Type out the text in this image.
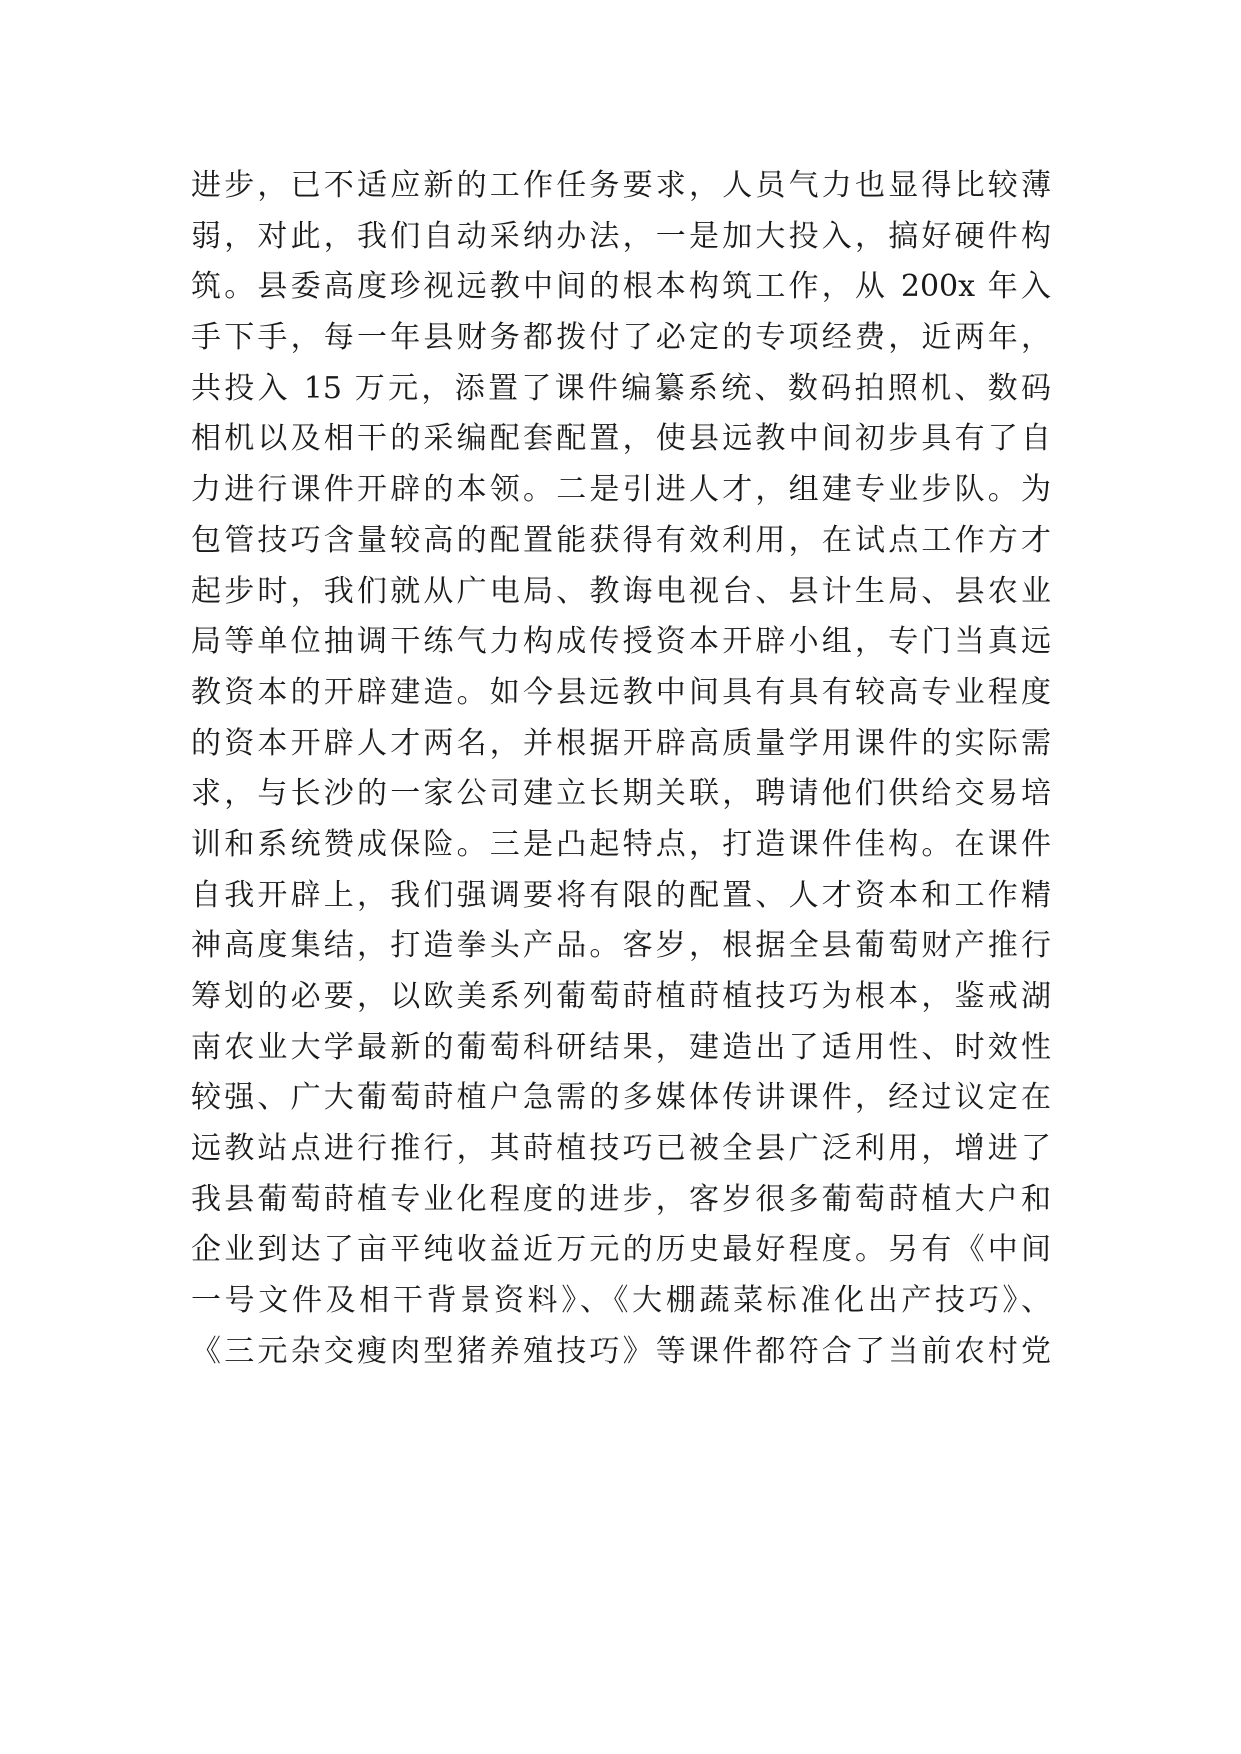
进步，已不适应新的工作任务要求，人员气力也显得比较薄
弱，对此，我们自动采纳办法，一是加大投入，搞好硬件构
筑。县委高度珍视远教中间的根本构筑工作，从 200x 年入
手下手，每一年县财务都拨付了必定的专项经费，近两年，
共投入 15 万元，添置了课件编纂系统、数码拍照机、数码
相机以及相干的采编配套配置，使县远教中间初步具有了自
力进行课件开辟的本领。二是引进人才，组建专业步队。为
包管技巧含量较高的配置能获得有效利用，在试点工作方才
起步时，我们就从广电局、教诲电视台、县计生局、县农业
局等单位抽调干练气力构成传授资本开辟小组，专门当真远
教资本的开辟建造。如今县远教中间具有具有较高专业程度
的资本开辟人才两名，并根据开辟高质量学用课件的实际需
求，与长沙的一家公司建立长期关联，聘请他们供给交易培
训和系统赞成保险。三是凸起特点，打造课件佳构。在课件
自我开辟上，我们强调要将有限的配置、人才资本和工作精
神高度集结，打造拳头产品。客岁，根据全县葡萄财产推行
筹划的必要，以欧美系列葡萄莳植莳植技巧为根本，鉴戒湖
南农业大学最新的葡萄科研结果，建造出了适用性、时效性
较强、广大葡萄莳植户急需的多媒体传讲课件，经过议定在
远教站点进行推行，其莳植技巧已被全县广泛利用，增进了
我县葡萄莳植专业化程度的进步，客岁很多葡萄莳植大户和
企业到达了亩平纯收益近万元的历史最好程度。另有《中间
一号文件及相干背景资料》、《大棚蔬菜标准化出产技巧》、
《三元杂交瘦肉型猪养殖技巧》等课件都符合了当前农村党
